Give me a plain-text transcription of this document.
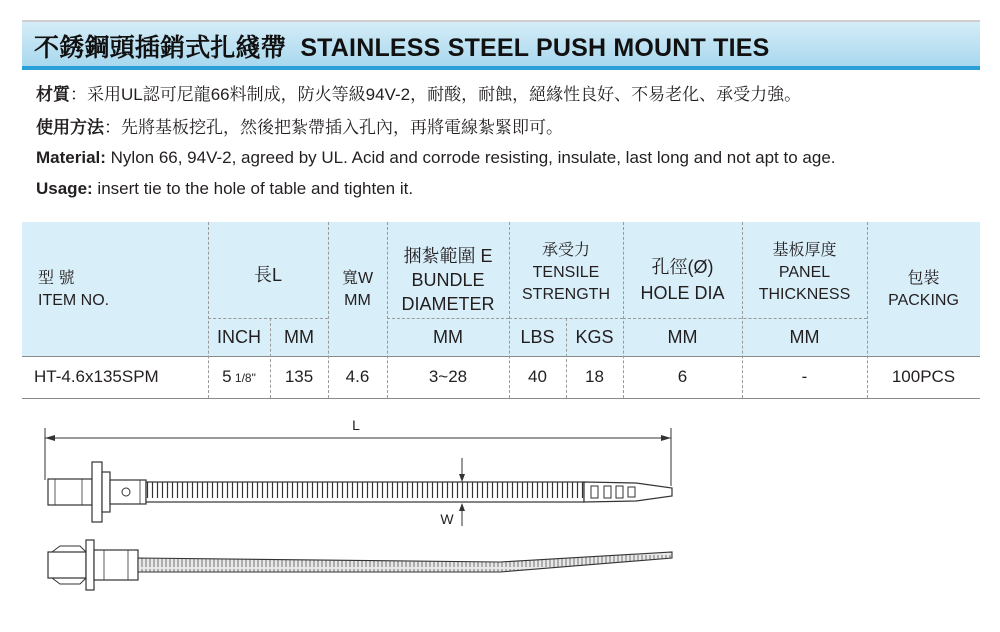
不銹鋼頭插銷式扎綫帶 STAINLESS STEEL PUSH MOUNT TIES
材質：采用UL認可尼龍66料制成，防火等級94V-2，耐酸，耐蝕，絕緣性良好、不易老化、承受力強。
使用方法：先將基板挖孔，然後把紮帶插入孔內，再將電線紮緊即可。
Material: Nylon 66, 94V-2, agreed by UL. Acid and corrode resisting, insulate, last long and not apt to age.
Usage: insert tie to the hole of table and tighten it.
型 號
ITEM NO.
長L
INCH	MM
寬W
MM
捆紮範圍 E
BUNDLE
DIAMETER
MM
承受力
TENSILE
STRENGTH
LBS	KGS
孔徑(Ø)
HOLE DIA
MM
基板厚度
PANEL
THICKNESS
MM
包裝
PACKING
HT-4.6x135SPM	5 1/8"	135	4.6	3~28	40	18	6	-	100PCS
L
W
